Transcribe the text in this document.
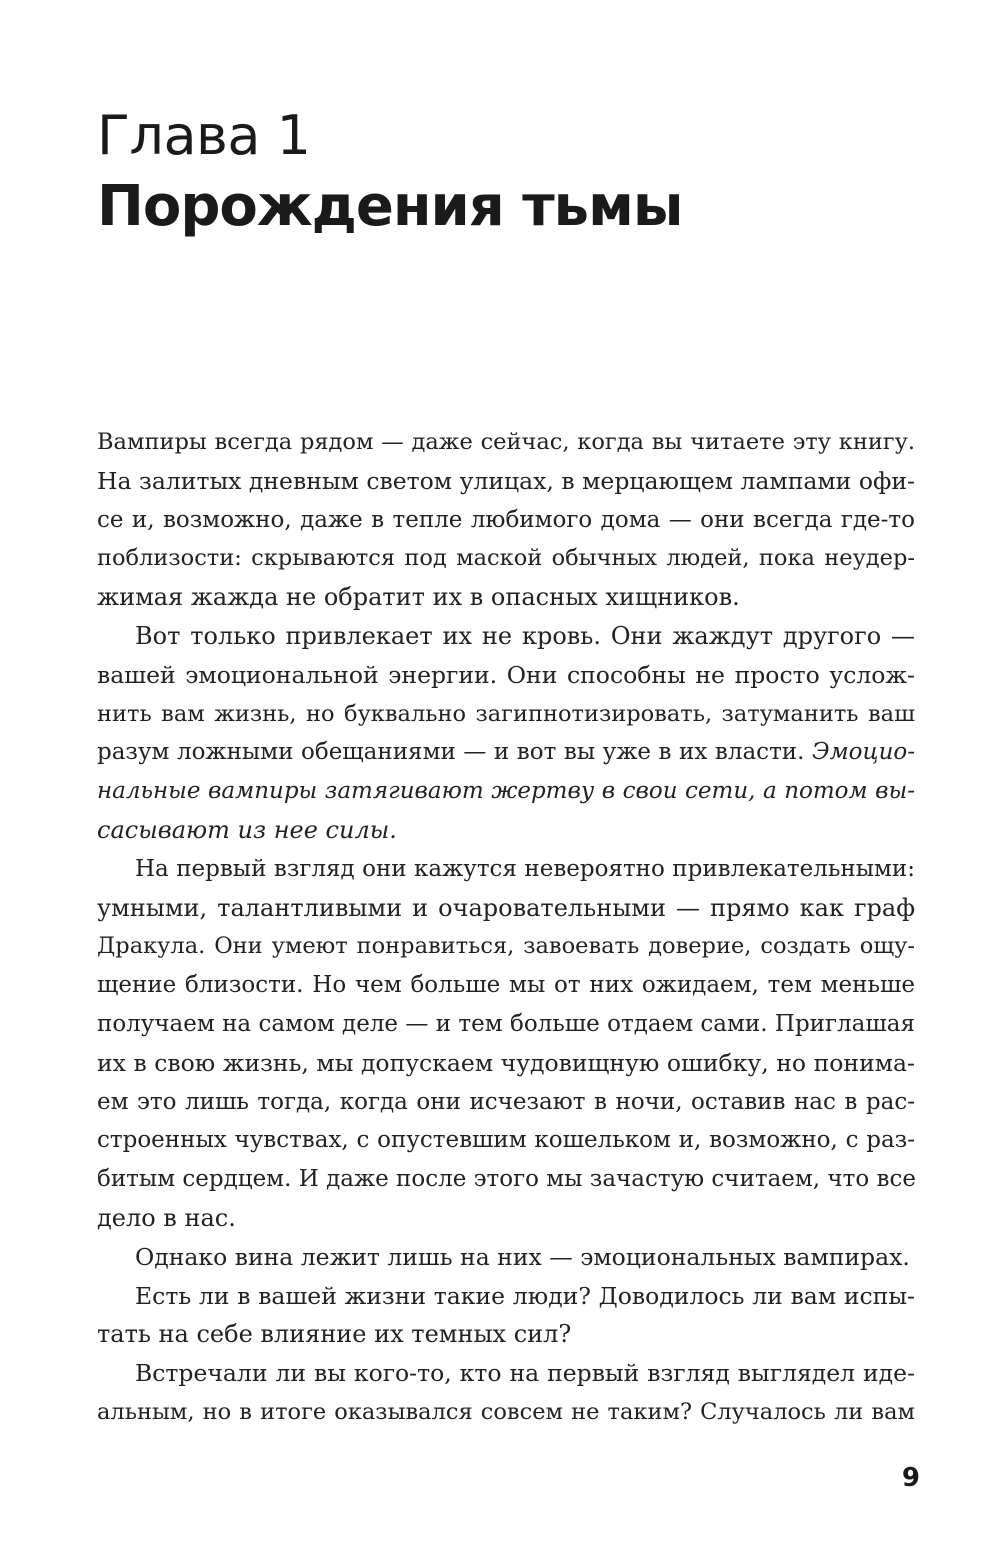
Глава 1
Порождения тьмы
Вампиры всегда рядом — даже сейчас, когда вы читаете эту книгу.
На залитых дневным светом улицах, в мерцающем лампами офи-
се и, возможно, даже в тепле любимого дома — они всегда где-то
поблизости: скрываются под маской обычных людей, пока неудер-
жимая жажда не обратит их в опасных хищников.
Вот только привлекает их не кровь. Они жаждут другого —
вашей эмоциональной энергии. Они способны не просто услож-
нить вам жизнь, но буквально загипнотизировать, затуманить ваш
разум ложными обещаниями — и вот вы уже в их власти. Эмоцио-
нальные вампиры затягивают жертву в свои сети, а потом вы-
сасывают из нее силы.
На первый взгляд они кажутся невероятно привлекательными:
умными, талантливыми и очаровательными — прямо как граф
Дракула. Они умеют понравиться, завоевать доверие, создать ощу-
щение близости. Но чем больше мы от них ожидаем, тем меньше
получаем на самом деле — и тем больше отдаем сами. Приглашая
их в свою жизнь, мы допускаем чудовищную ошибку, но понима-
ем это лишь тогда, когда они исчезают в ночи, оставив нас в рас-
строенных чувствах, с опустевшим кошельком и, возможно, с раз-
битым сердцем. И даже после этого мы зачастую считаем, что все
дело в нас.
Однако вина лежит лишь на них — эмоциональных вампирах.
Есть ли в вашей жизни такие люди? Доводилось ли вам испы-
тать на себе влияние их темных сил?
Встречали ли вы кого-то, кто на первый взгляд выглядел иде-
альным, но в итоге оказывался совсем не таким? Случалось ли вам
9
